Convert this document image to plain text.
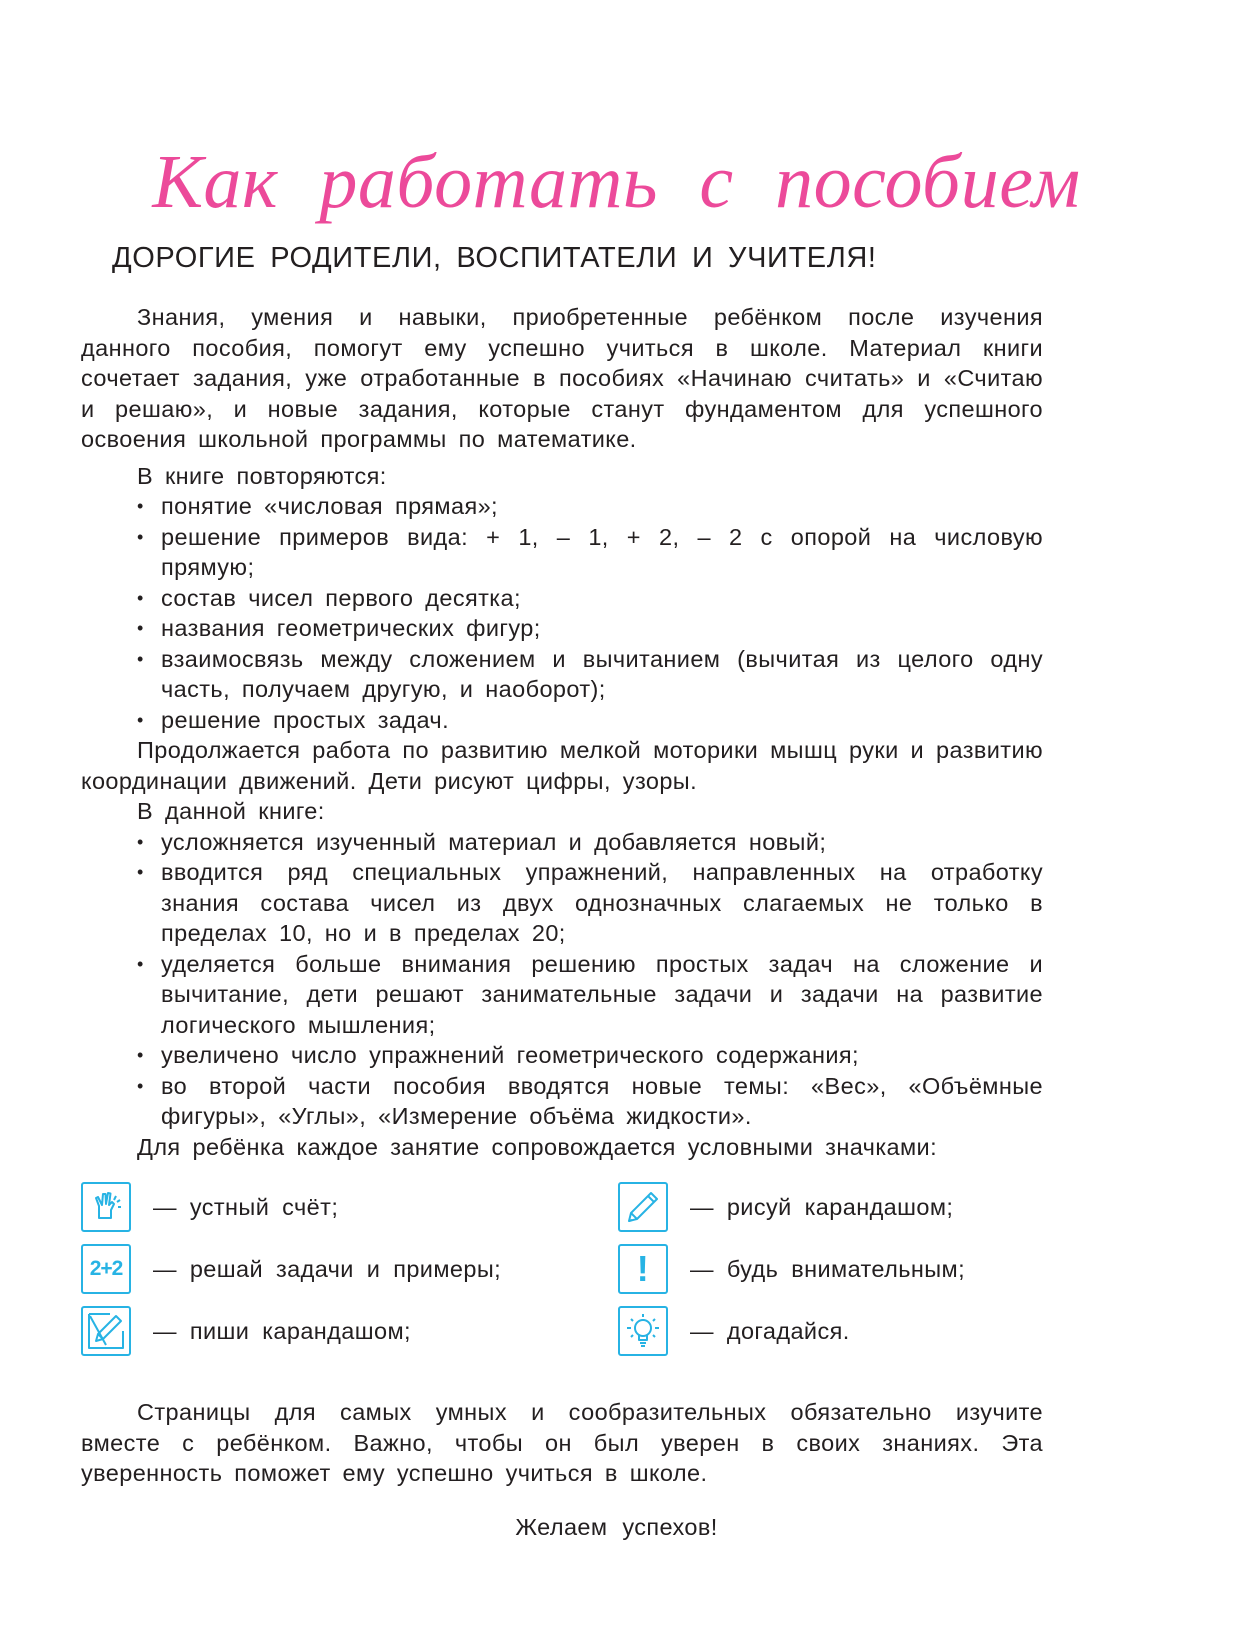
Как работать с пособием
ДОРОГИЕ РОДИТЕЛИ, ВОСПИТАТЕЛИ И УЧИТЕЛЯ!

Знания, умения и навыки, приобретенные ребёнком после изучения данного пособия, помогут ему успешно учиться в школе. Материал книги сочетает задания, уже отработанные в пособиях «Начинаю считать» и «Считаю и решаю», и новые задания, которые станут фундаментом для успешного освоения школьной программы по математике.

В книге повторяются:

• понятие «числовая прямая»;
• решение примеров вида: + 1, – 1, + 2, – 2 с опорой на числовую прямую;
• состав чисел первого десятка;
• названия геометрических фигур;
• взаимосвязь между сложением и вычитанием (вычитая из целого одну часть, получаем другую, и наоборот);
• решение простых задач.

Продолжается работа по развитию мелкой моторики мышц руки и развитию координации движений. Дети рисуют цифры, узоры.

В данной книге:

• усложняется изученный материал и добавляется новый;
• вводится ряд специальных упражнений, направленных на отработку знания состава чисел из двух однозначных слагаемых не только в пределах 10, но и в пределах 20;
• уделяется больше внимания решению простых задач на сложение и вычитание, дети решают занимательные задачи и задачи на развитие логического мышления;
• увеличено число упражнений геометрического содержания;
• во второй части пособия вводятся новые темы: «Вес», «Объёмные фигуры», «Углы», «Измерение объёма жидкости».

Для ребёнка каждое занятие сопровождается условными значками:

— устный счёт;
2+2 — решай задачи и примеры;
— пиши карандашом;
— рисуй карандашом;
! — будь внимательным;
— догадайся.

Страницы для самых умных и сообразительных обязательно изучите вместе с ребёнком. Важно, чтобы он был уверен в своих знаниях. Эта уверенность поможет ему успешно учиться в школе.

Желаем успехов!
